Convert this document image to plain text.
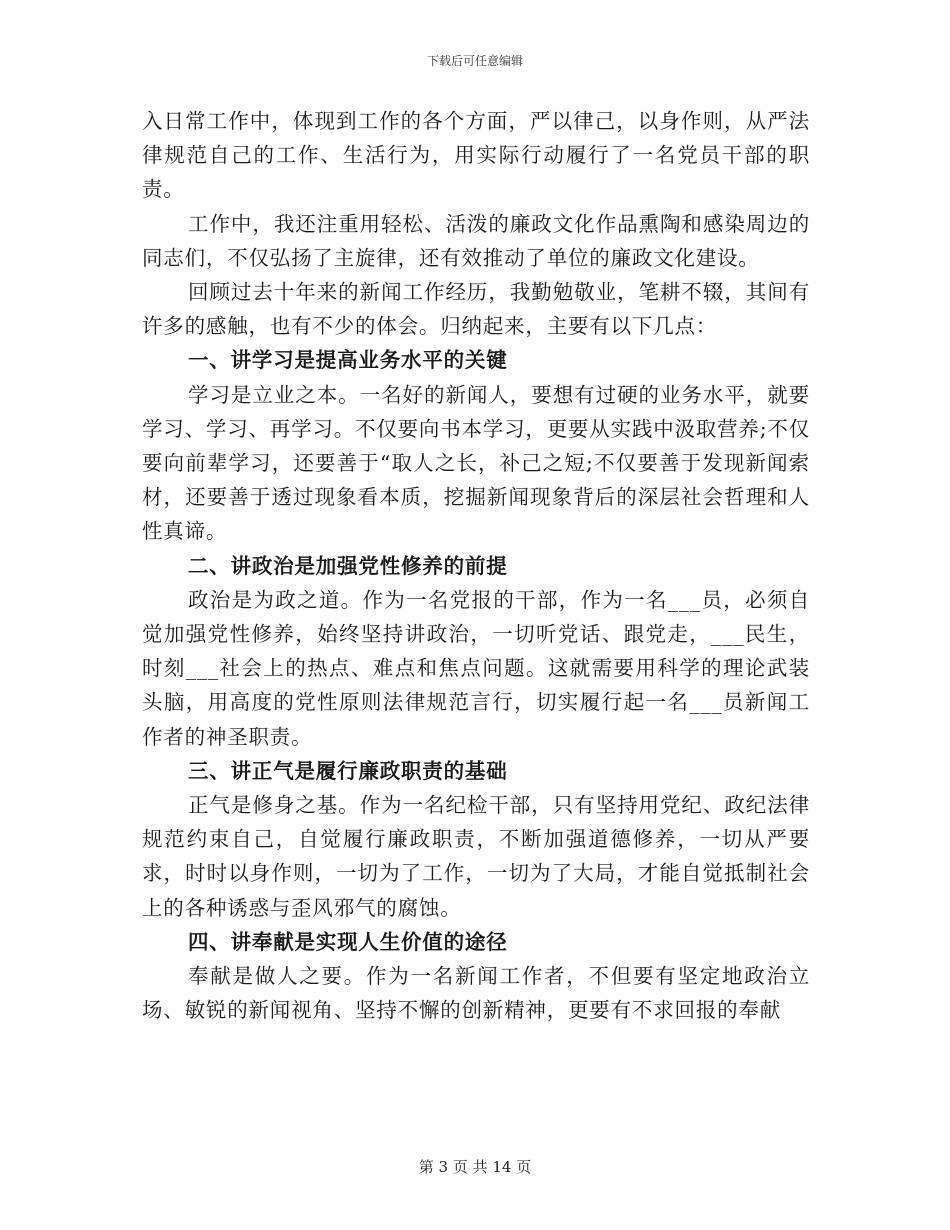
下载后可任意编辑

入日常工作中，体现到工作的各个方面，严以律己，以身作则，从严法律规范自己的工作、生活行为，用实际行动履行了一名党员干部的职责。

工作中，我还注重用轻松、活泼的廉政文化作品熏陶和感染周边的同志们，不仅弘扬了主旋律，还有效推动了单位的廉政文化建设。

回顾过去十年来的新闻工作经历，我勤勉敬业，笔耕不辍，其间有许多的感触，也有不少的体会。归纳起来，主要有以下几点：

一、讲学习是提高业务水平的关键

学习是立业之本。一名好的新闻人，要想有过硬的业务水平，就要学习、学习、再学习。不仅要向书本学习，更要从实践中汲取营养;不仅要向前辈学习，还要善于“取人之长，补己之短;不仅要善于发现新闻索材，还要善于透过现象看本质，挖掘新闻现象背后的深层社会哲理和人性真谛。

二、讲政治是加强党性修养的前提

政治是为政之道。作为一名党报的干部，作为一名___员，必须自觉加强党性修养，始终坚持讲政治，一切听党话、跟党走，___民生，时刻___社会上的热点、难点和焦点问题。这就需要用科学的理论武装头脑，用高度的党性原则法律规范言行，切实履行起一名___员新闻工作者的神圣职责。

三、讲正气是履行廉政职责的基础

正气是修身之基。作为一名纪检干部，只有坚持用党纪、政纪法律规范约束自己，自觉履行廉政职责，不断加强道德修养，一切从严要求，时时以身作则，一切为了工作，一切为了大局，才能自觉抵制社会上的各种诱惑与歪风邪气的腐蚀。

四、讲奉献是实现人生价值的途径

奉献是做人之要。作为一名新闻工作者，不但要有坚定地政治立场、敏锐的新闻视角、坚持不懈的创新精神，更要有不求回报的奉献

第 3 页 共 14 页
